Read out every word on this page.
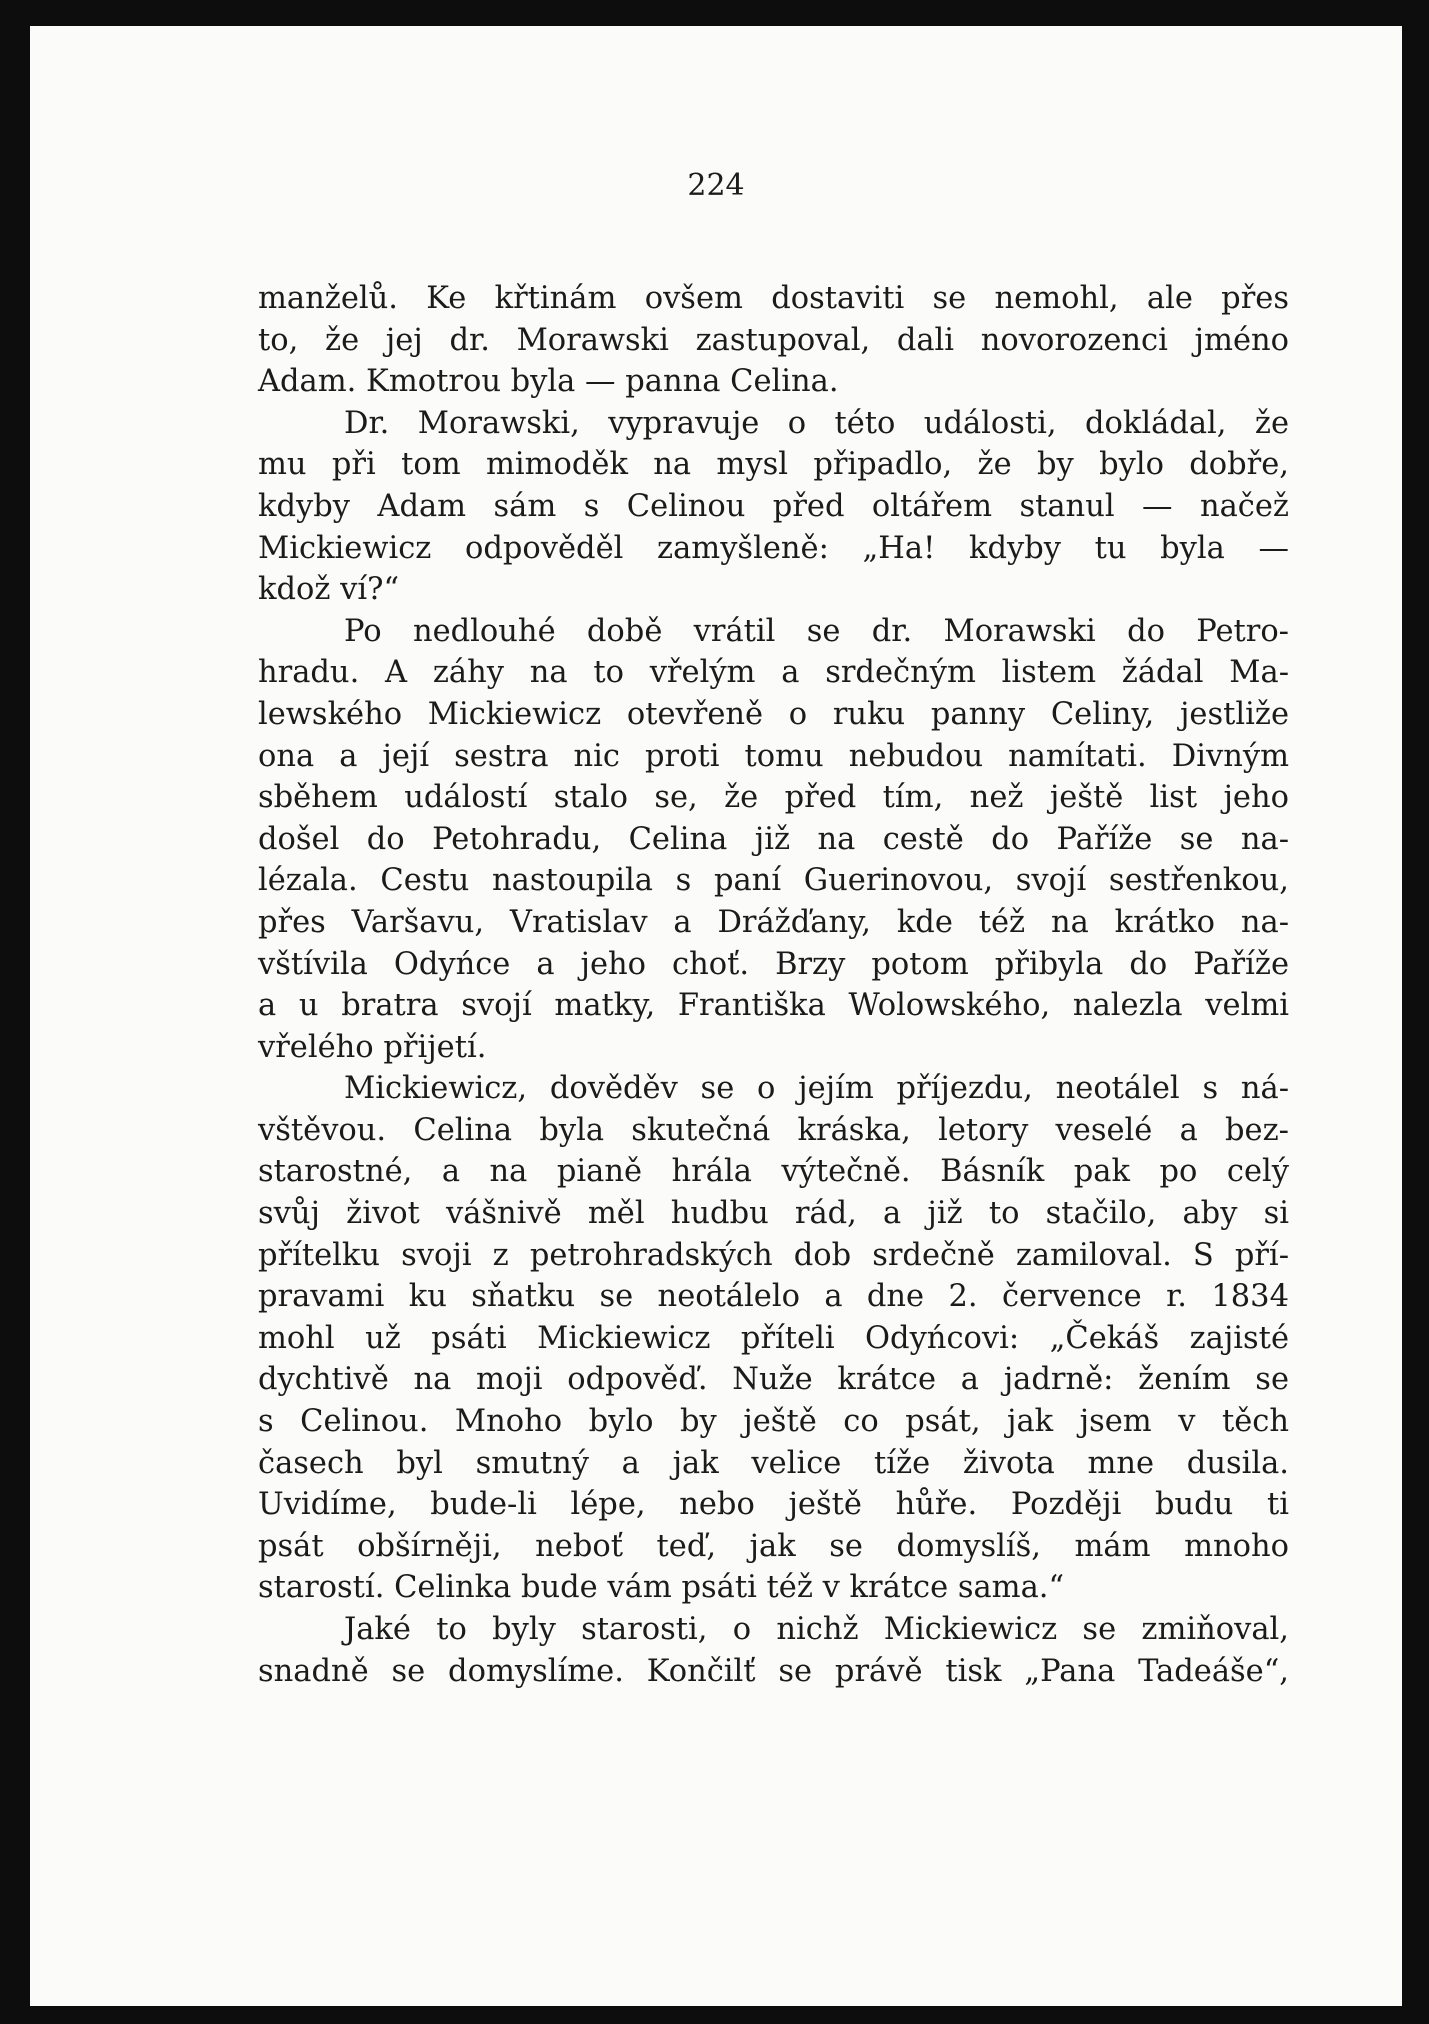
224

manželů. Ke křtinám ovšem dostaviti se nemohl, ale přes
to, že jej dr. Morawski zastupoval, dali novorozenci jméno
Adam. Kmotrou byla — panna Celina.
Dr. Morawski, vypravuje o této události, dokládal, že
mu při tom mimoděk na mysl připadlo, že by bylo dobře,
kdyby Adam sám s Celinou před oltářem stanul — načež
Mickiewicz odpověděl zamyšleně: „Ha! kdyby tu byla —
kdož ví?“
Po nedlouhé době vrátil se dr. Morawski do Petro-
hradu. A záhy na to vřelým a srdečným listem žádal Ma-
lewského Mickiewicz otevřeně o ruku panny Celiny, jestliže
ona a její sestra nic proti tomu nebudou namítati. Divným
sběhem událostí stalo se, že před tím, než ještě list jeho
došel do Petohradu, Celina již na cestě do Paříže se na-
lézala. Cestu nastoupila s paní Guerinovou, svojí sestřenkou,
přes Varšavu, Vratislav a Drážďany, kde též na krátko na-
vštívila Odyńce a jeho choť. Brzy potom přibyla do Paříže
a u bratra svojí matky, Františka Wolowského, nalezla velmi
vřelého přijetí.
Mickiewicz, dověděv se o jejím příjezdu, neotálel s ná-
vštěvou. Celina byla skutečná kráska, letory veselé a bez-
starostné, a na pianě hrála výtečně. Básník pak po celý
svůj život vášnivě měl hudbu rád, a již to stačilo, aby si
přítelku svoji z petrohradských dob srdečně zamiloval. S pří-
pravami ku sňatku se neotálelo a dne 2. července r. 1834
mohl už psáti Mickiewicz příteli Odyńcovi: „Čekáš zajisté
dychtivě na moji odpověď. Nuže krátce a jadrně: žením se
s Celinou. Mnoho bylo by ještě co psát, jak jsem v těch
časech byl smutný a jak velice tíže života mne dusila.
Uvidíme, bude-li lépe, nebo ještě hůře. Později budu ti
psát obšírněji, neboť teď, jak se domyslíš, mám mnoho
starostí. Celinka bude vám psáti též v krátce sama.“
Jaké to byly starosti, o nichž Mickiewicz se zmiňoval,
snadně se domyslíme. Končilť se právě tisk „Pana Tadeáše“,
